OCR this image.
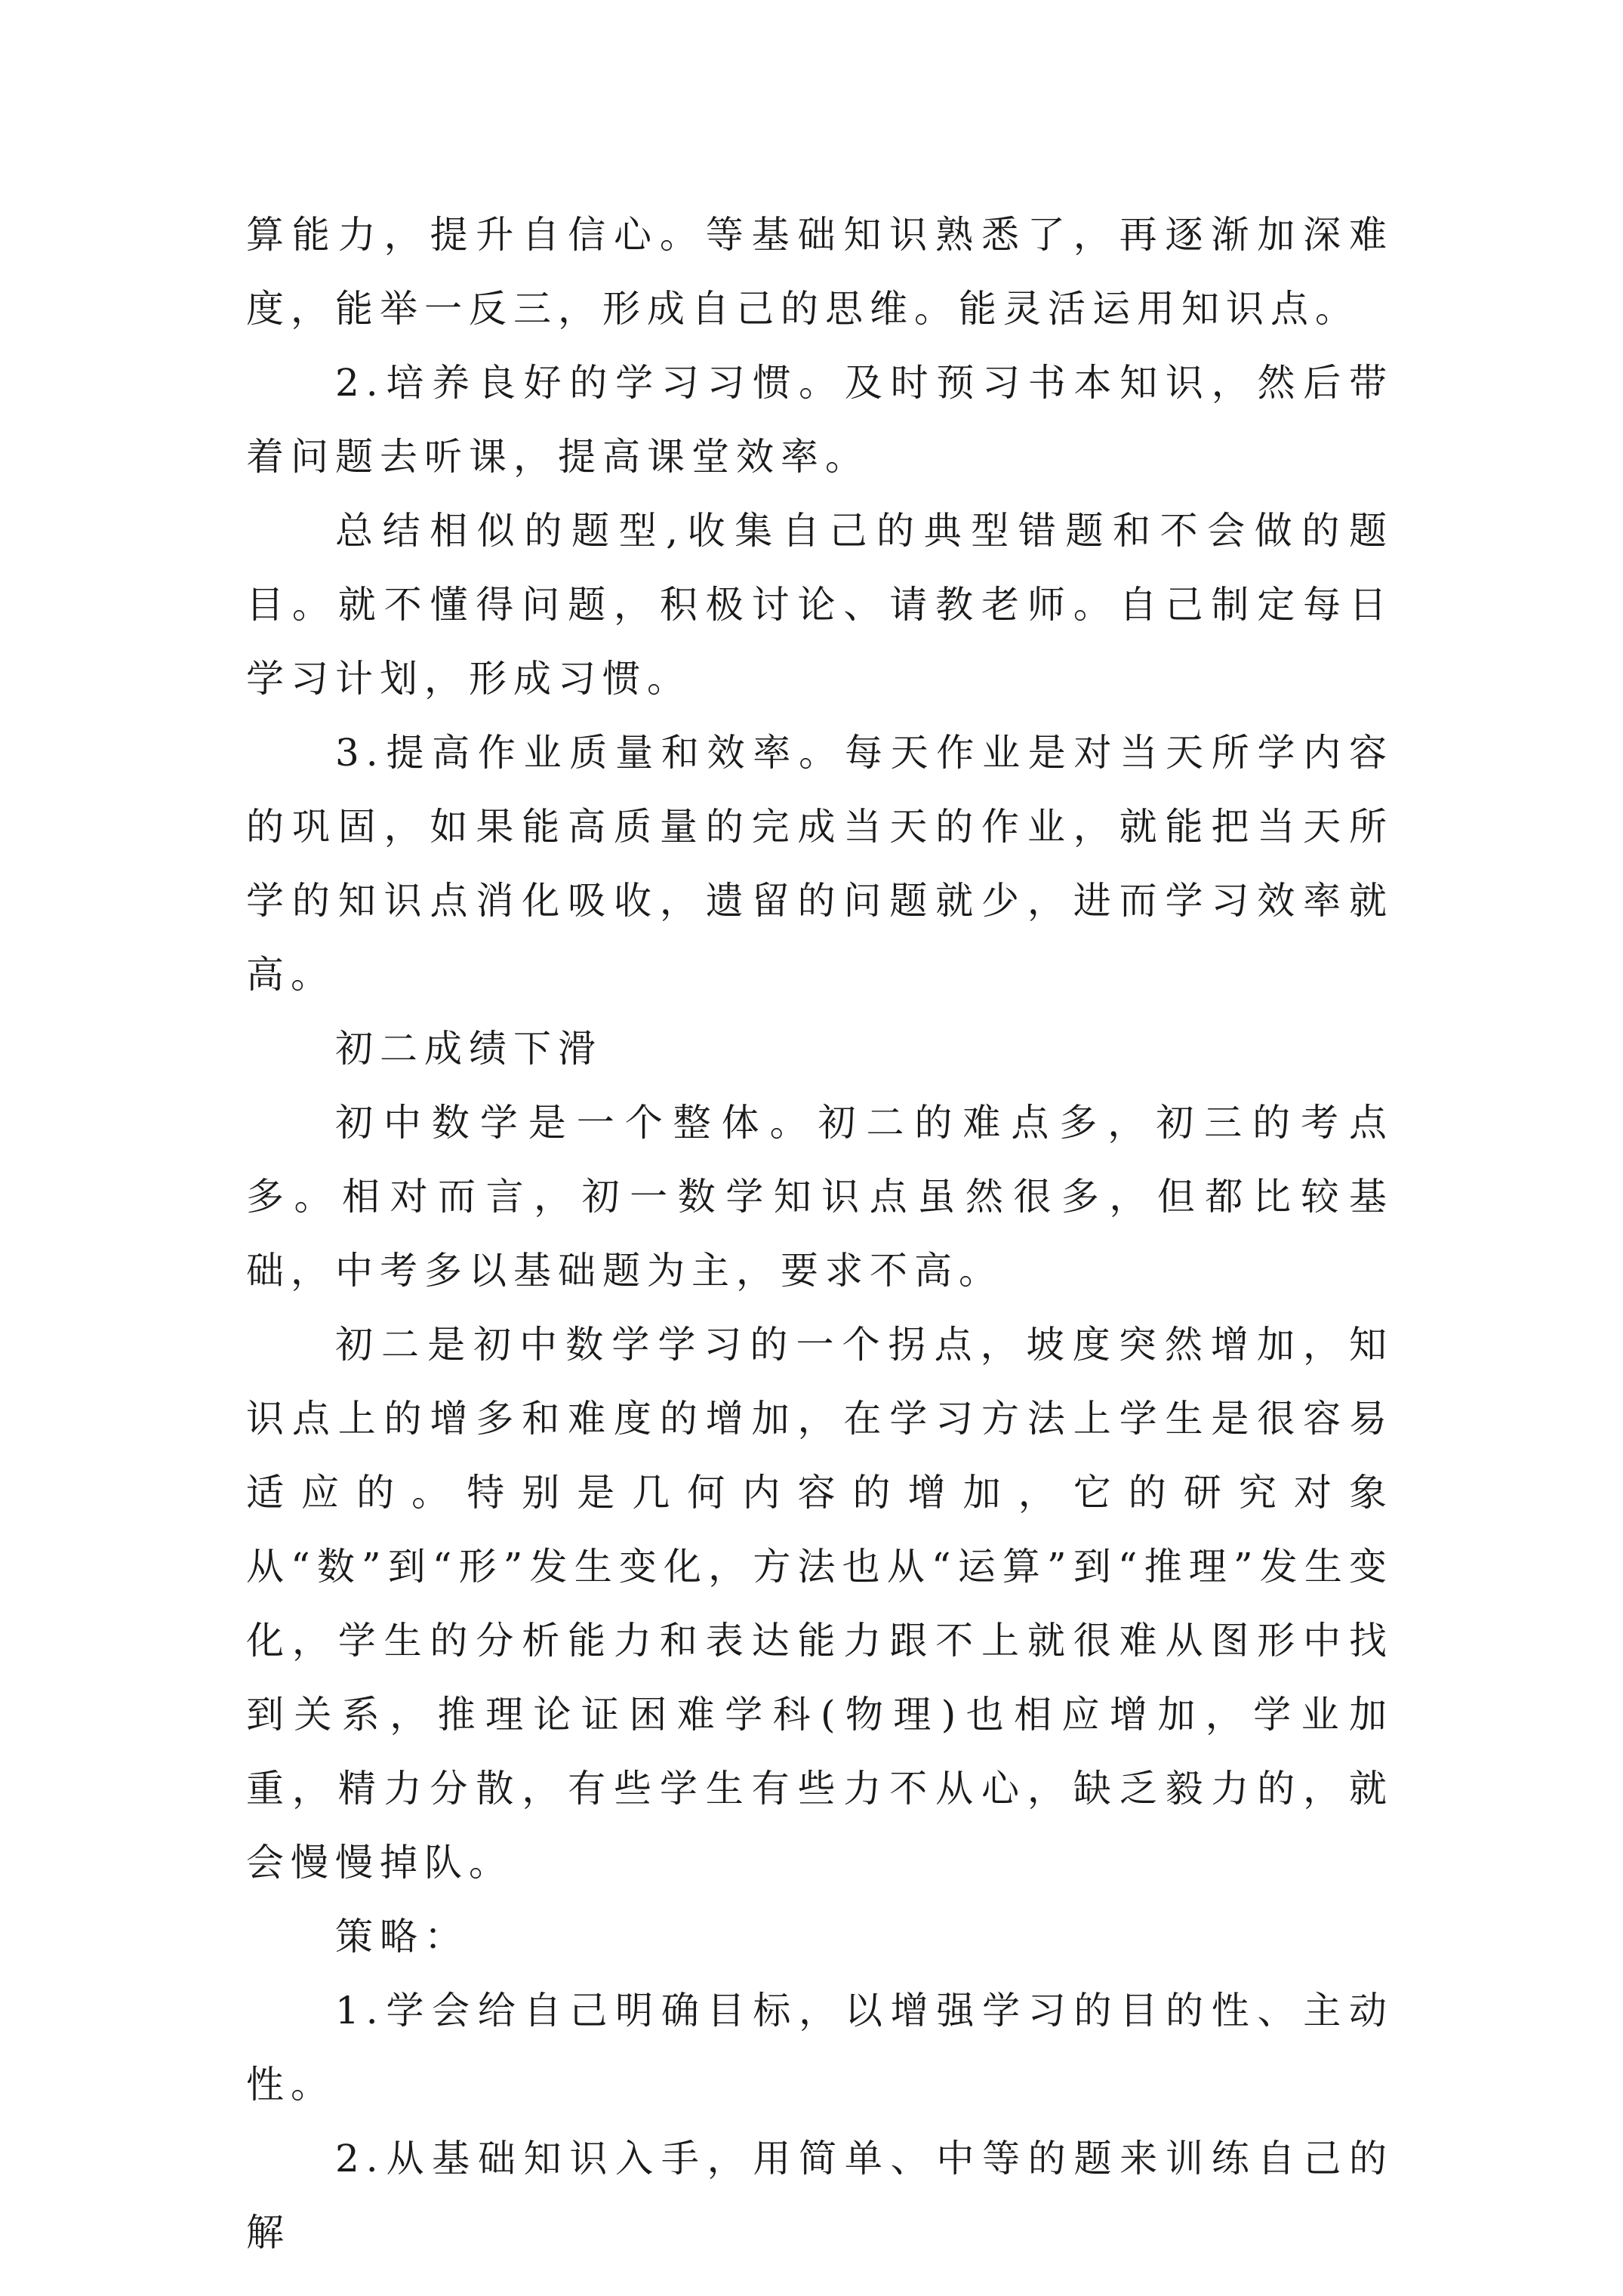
算能力，提升自信心。等基础知识熟悉了，再逐渐加深难度，能举一反三，形成自己的思维。能灵活运用知识点。

2.培养良好的学习习惯。及时预习书本知识，然后带着问题去听课，提高课堂效率。

总结相似的题型,收集自己的典型错题和不会做的题目。就不懂得问题，积极讨论、请教老师。自己制定每日学习计划，形成习惯。

3.提高作业质量和效率。每天作业是对当天所学内容的巩固，如果能高质量的完成当天的作业，就能把当天所学的知识点消化吸收，遗留的问题就少，进而学习效率就高。

初二成绩下滑

初中数学是一个整体。初二的难点多，初三的考点多。相对而言，初一数学知识点虽然很多，但都比较基础，中考多以基础题为主，要求不高。

初二是初中数学学习的一个拐点，坡度突然增加，知识点上的增多和难度的增加，在学习方法上学生是很容易适应的。特别是几何内容的增加，它的研究对象从“数”到“形”发生变化，方法也从“运算”到“推理”发生变化，学生的分析能力和表达能力跟不上就很难从图形中找到关系，推理论证困难学科(物理)也相应增加，学业加重，精力分散，有些学生有些力不从心，缺乏毅力的，就会慢慢掉队。

策略：

1.学会给自己明确目标，以增强学习的目的性、主动性。

2.从基础知识入手，用简单、中等的题来训练自己的解
